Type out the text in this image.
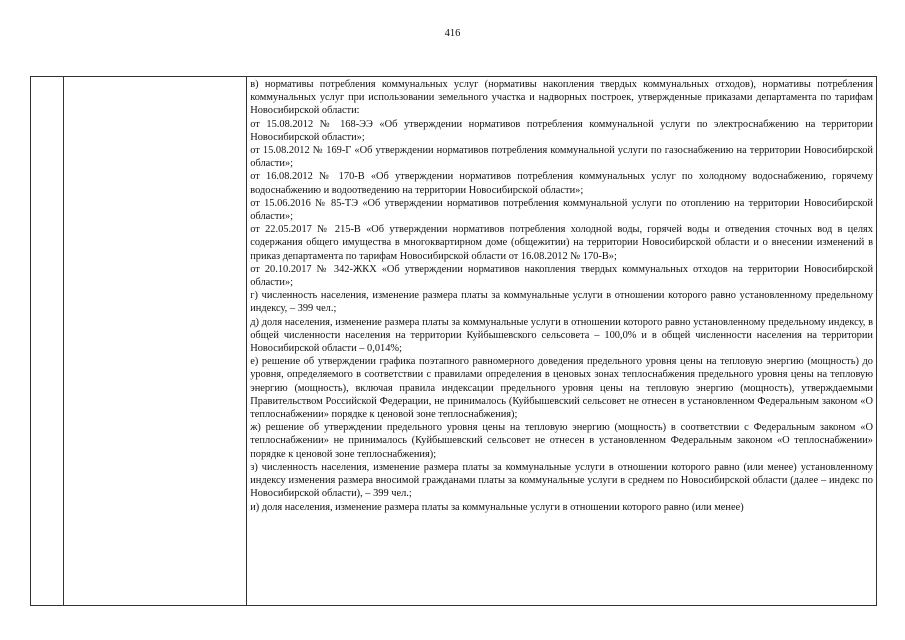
416

в) нормативы потребления коммунальных услуг (нормативы накопления твердых коммунальных отходов), нормативы потребления коммунальных услуг при использовании земельного участка и надворных построек, утвержденные приказами департамента по тарифам Новосибирской области:
от 15.08.2012 № 168-ЭЭ «Об утверждении нормативов потребления коммунальной услуги по электроснабжению на территории Новосибирской области»;
от 15.08.2012 № 169-Г «Об утверждении нормативов потребления коммунальной услуги по газоснабжению на территории Новосибирской области»;
от 16.08.2012 № 170-В «Об утверждении нормативов потребления коммунальных услуг по холодному водоснабжению, горячему водоснабжению и водоотведению на территории Новосибирской области»;
от 15.06.2016 № 85-ТЭ «Об утверждении нормативов потребления коммунальной услуги по отоплению на территории Новосибирской области»;
от 22.05.2017 № 215-В «Об утверждении нормативов потребления холодной воды, горячей воды и отведения сточных вод в целях содержания общего имущества в многоквартирном доме (общежитии) на территории Новосибирской области и о внесении изменений в приказ департамента по тарифам Новосибирской области от 16.08.2012 № 170-В»;
от 20.10.2017 № 342-ЖКХ «Об утверждении нормативов накопления твердых коммунальных отходов на территории Новосибирской области»;
г) численность населения, изменение размера платы за коммунальные услуги в отношении которого равно установленному предельному индексу, – 399 чел.;
д) доля населения, изменение размера платы за коммунальные услуги в отношении которого равно установленному предельному индексу, в общей численности населения на территории Куйбышевского сельсовета – 100,0% и в общей численности населения на территории Новосибирской области – 0,014%;
е) решение об утверждении графика поэтапного равномерного доведения предельного уровня цены на тепловую энергию (мощность) до уровня, определяемого в соответствии с правилами определения в ценовых зонах теплоснабжения предельного уровня цены на тепловую энергию (мощность), включая правила индексации предельного уровня цены на тепловую энергию (мощность), утверждаемыми Правительством Российской Федерации, не принималось (Куйбышевский сельсовет не отнесен в установленном Федеральным законом «О теплоснабжении» порядке к ценовой зоне теплоснабжения);
ж) решение об утверждении предельного уровня цены на тепловую энергию (мощность) в соответствии с Федеральным законом «О теплоснабжении» не принималось (Куйбышевский сельсовет не отнесен в установленном Федеральным законом «О теплоснабжении» порядке к ценовой зоне теплоснабжения);
з) численность населения, изменение размера платы за коммунальные услуги в отношении которого равно (или менее) установленному индексу изменения размера вносимой гражданами платы за коммунальные услуги в среднем по Новосибирской области (далее – индекс по Новосибирской области), – 399 чел.;
и) доля населения, изменение размера платы за коммунальные услуги в отношении которого равно (или менее)
